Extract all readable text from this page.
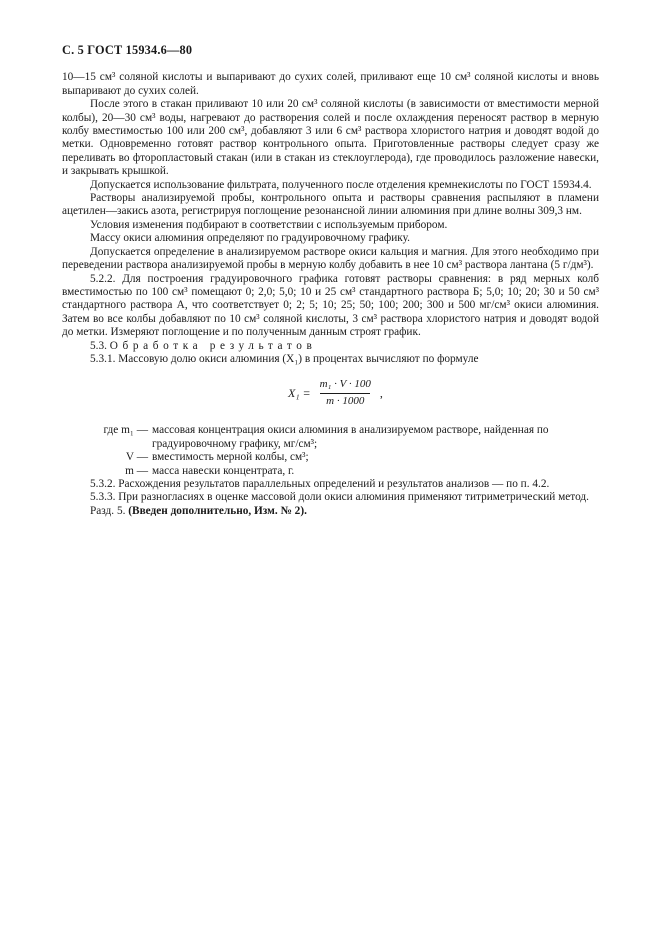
С. 5 ГОСТ 15934.6—80

10—15 см³ соляной кислоты и выпаривают до сухих солей, приливают еще 10 см³ соляной кислоты и вновь выпаривают до сухих солей.

После этого в стакан приливают 10 или 20 см³ соляной кислоты (в зависимости от вместимости мерной колбы), 20—30 см³ воды, нагревают до растворения солей и после охлаждения переносят раствор в мерную колбу вместимостью 100 или 200 см³, добавляют 3 или 6 см³ раствора хлористого натрия и доводят водой до метки. Одновременно готовят раствор контрольного опыта. Приготовленные растворы следует сразу же переливать во фторопластовый стакан (или в стакан из стеклоуглерода), где проводилось разложение навески, и закрывать крышкой.

Допускается использование фильтрата, полученного после отделения кремнекислоты по ГОСТ 15934.4.

Растворы анализируемой пробы, контрольного опыта и растворы сравнения распыляют в пламени ацетилен—закись азота, регистрируя поглощение резонансной линии алюминия при длине волны 309,3 нм.

Условия изменения подбирают в соответствии с используемым прибором.

Массу окиси алюминия определяют по градуировочному графику.

Допускается определение в анализируемом растворе окиси кальция и магния. Для этого необходимо при переведении раствора анализируемой пробы в мерную колбу добавить в нее 10 см³ раствора лантана (5 г/дм³).

5.2.2. Для построения градуировочного графика готовят растворы сравнения: в ряд мерных колб вместимостью по 100 см³ помещают 0; 2,0; 5,0; 10 и 25 см³ стандартного раствора Б; 5,0; 10; 20; 30 и 50 см³ стандартного раствора А, что соответствует 0; 2; 5; 10; 25; 50; 100; 200; 300 и 500 мг/см³ окиси алюминия. Затем во все колбы добавляют по 10 см³ соляной кислоты, 3 см³ раствора хлористого натрия и доводят водой до метки. Измеряют поглощение и по полученным данным строят график.

5.3. Обработка результатов

5.3.1. Массовую долю окиси алюминия (X₁) в процентах вычисляют по формуле

$X_1 = \frac{\text{m₁ · V · 100}}{m \cdot 1000}$ ,
где m₁ — массовая концентрация окиси алюминия в анализируемом растворе, найденная по градуировочному графику, мг/см³;
V — вместимость мерной колбы, см³;
m — масса навески концентрата, г.

5.3.2. Расхождения результатов параллельных определений и результатов анализов — по п. 4.2.

5.3.3. При разногласиях в оценке массовой доли окиси алюминия применяют титриметрический метод.

Разд. 5. (Введен дополнительно, Изм. № 2).
